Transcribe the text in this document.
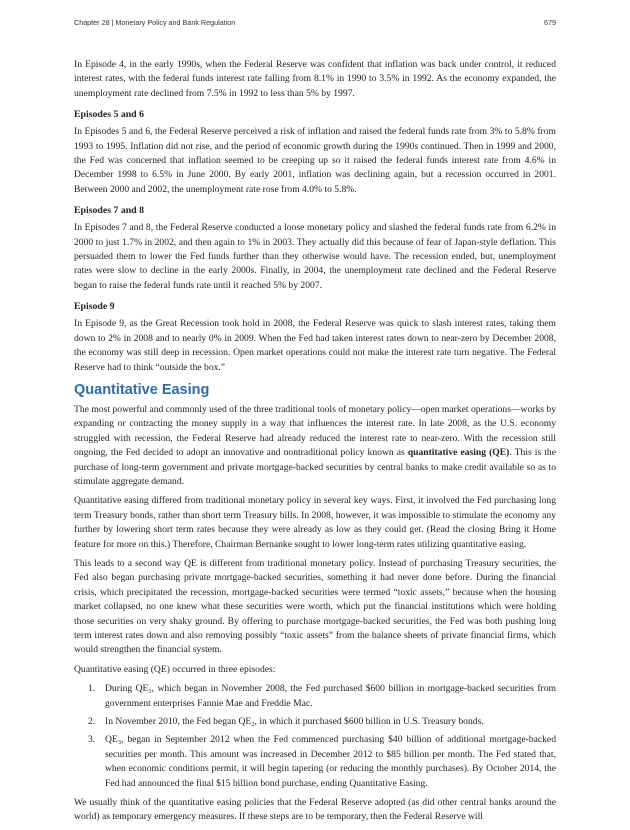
Chapter 28 | Monetary Policy and Bank Regulation	679

In Episode 4, in the early 1990s, when the Federal Reserve was confident that inflation was back under control, it reduced interest rates, with the federal funds interest rate falling from 8.1% in 1990 to 3.5% in 1992. As the economy expanded, the unemployment rate declined from 7.5% in 1992 to less than 5% by 1997.

Episodes 5 and 6

In Episodes 5 and 6, the Federal Reserve perceived a risk of inflation and raised the federal funds rate from 3% to 5.8% from 1993 to 1995. Inflation did not rise, and the period of economic growth during the 1990s continued. Then in 1999 and 2000, the Fed was concerned that inflation seemed to be creeping up so it raised the federal funds interest rate from 4.6% in December 1998 to 6.5% in June 2000. By early 2001, inflation was declining again, but a recession occurred in 2001. Between 2000 and 2002, the unemployment rate rose from 4.0% to 5.8%.

Episodes 7 and 8

In Episodes 7 and 8, the Federal Reserve conducted a loose monetary policy and slashed the federal funds rate from 6.2% in 2000 to just 1.7% in 2002, and then again to 1% in 2003. They actually did this because of fear of Japan-style deflation. This persuaded them to lower the Fed funds further than they otherwise would have. The recession ended, but, unemployment rates were slow to decline in the early 2000s. Finally, in 2004, the unemployment rate declined and the Federal Reserve began to raise the federal funds rate until it reached 5% by 2007.

Episode 9

In Episode 9, as the Great Recession took hold in 2008, the Federal Reserve was quick to slash interest rates, taking them down to 2% in 2008 and to nearly 0% in 2009. When the Fed had taken interest rates down to near-zero by December 2008, the economy was still deep in recession. Open market operations could not make the interest rate turn negative. The Federal Reserve had to think “outside the box.”

Quantitative Easing

The most powerful and commonly used of the three traditional tools of monetary policy—open market operations—works by expanding or contracting the money supply in a way that influences the interest rate. In late 2008, as the U.S. economy struggled with recession, the Federal Reserve had already reduced the interest rate to near-zero. With the recession still ongoing, the Fed decided to adopt an innovative and nontraditional policy known as quantitative easing (QE). This is the purchase of long-term government and private mortgage-backed securities by central banks to make credit available so as to stimulate aggregate demand.

Quantitative easing differed from traditional monetary policy in several key ways. First, it involved the Fed purchasing long term Treasury bonds, rather than short term Treasury bills. In 2008, however, it was impossible to stimulate the economy any further by lowering short term rates because they were already as low as they could get. (Read the closing Bring it Home feature for more on this.) Therefore, Chairman Bernanke sought to lower long-term rates utilizing quantitative easing.

This leads to a second way QE is different from traditional monetary policy. Instead of purchasing Treasury securities, the Fed also began purchasing private mortgage-backed securities, something it had never done before. During the financial crisis, which precipitated the recession, mortgage-backed securities were termed “toxic assets,” because when the housing market collapsed, no one knew what these securities were worth, which put the financial institutions which were holding those securities on very shaky ground. By offering to purchase mortgage-backed securities, the Fed was both pushing long term interest rates down and also removing possibly “toxic assets” from the balance sheets of private financial firms, which would strengthen the financial system.

Quantitative easing (QE) occurred in three episodes:

1. During $QE_1$, which began in November 2008, the Fed purchased $600 billion in mortgage-backed securities from government enterprises Fannie Mae and Freddie Mac.
2. In November 2010, the Fed began $QE_2$, in which it purchased $600 billion in U.S. Treasury bonds.
3. $QE_3$, began in September 2012 when the Fed commenced purchasing $40 billion of additional mortgage-backed securities per month. This amount was increased in December 2012 to $85 billion per month. The Fed stated that, when economic conditions permit, it will begin tapering (or reducing the monthly purchases). By October 2014, the Fed had announced the final $15 billion bond purchase, ending Quantitative Easing.

We usually think of the quantitative easing policies that the Federal Reserve adopted (as did other central banks around the world) as temporary emergency measures. If these steps are to be temporary, then the Federal Reserve will
